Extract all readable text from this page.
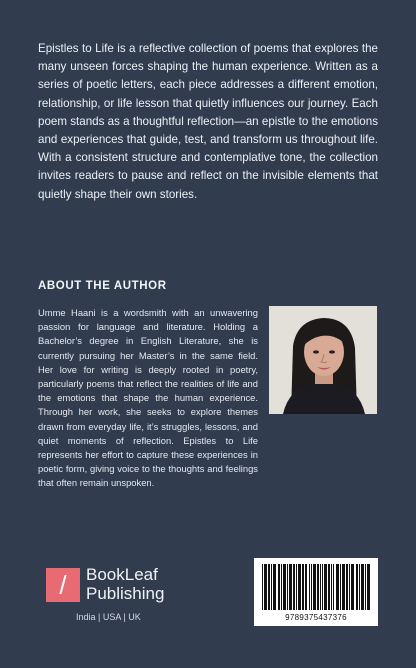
Epistles to Life is a reflective collection of poems that explores the many unseen forces shaping the human experience. Written as a series of poetic letters, each piece addresses a different emotion, relationship, or life lesson that quietly influences our journey. Each poem stands as a thoughtful reflection—an epistle to the emotions and experiences that guide, test, and transform us throughout life. With a consistent structure and contemplative tone, the collection invites readers to pause and reflect on the invisible elements that quietly shape their own stories.

ABOUT THE AUTHOR

Umme Haani is a wordsmith with an unwavering passion for language and literature. Holding a Bachelor’s degree in English Literature, she is currently pursuing her Master’s in the same field. Her love for writing is deeply rooted in poetry, particularly poems that reflect the realities of life and the emotions that shape the human experience. Through her work, she seeks to explore themes drawn from everyday life, it’s struggles, lessons, and quiet moments of reflection. Epistles to Life represents her effort to capture these experiences in poetic form, giving voice to the thoughts and feelings that often remain unspoken.

/	BookLeaf
Publishing
India | USA | UK	9789375437376
